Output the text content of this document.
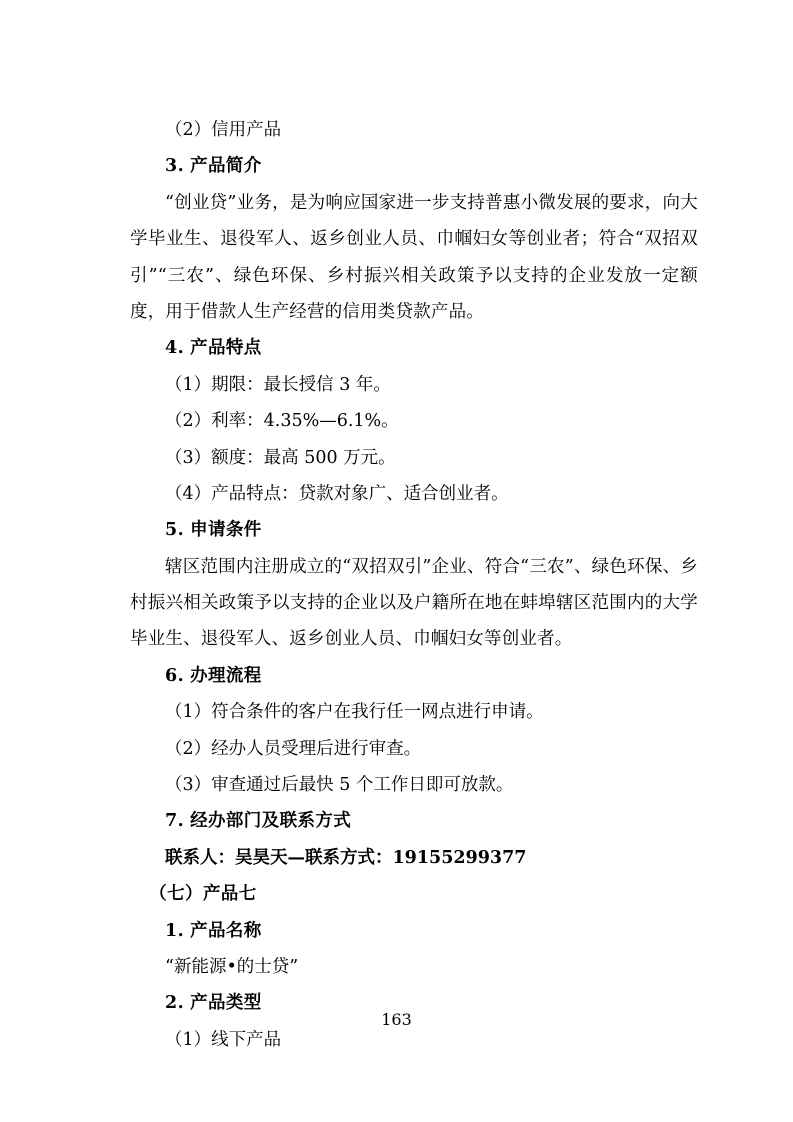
（2）信用产品

3. 产品简介

“创业贷”业务，是为响应国家进一步支持普惠小微发展的要求，向大学毕业生、退役军人、返乡创业人员、巾帼妇女等创业者；符合“双招双引”“三农”、绿色环保、乡村振兴相关政策予以支持的企业发放一定额度，用于借款人生产经营的信用类贷款产品。

4. 产品特点

（1）期限：最长授信 3 年。

（2）利率：4.35%—6.1%。

（3）额度：最高 500 万元。

（4）产品特点：贷款对象广、适合创业者。

5. 申请条件

辖区范围内注册成立的“双招双引”企业、符合“三农”、绿色环保、乡村振兴相关政策予以支持的企业以及户籍所在地在蚌埠辖区范围内的大学毕业生、退役军人、返乡创业人员、巾帼妇女等创业者。

6. 办理流程

（1）符合条件的客户在我行任一网点进行申请。

（2）经办人员受理后进行审查。

（3）审查通过后最快 5 个工作日即可放款。

7. 经办部门及联系方式

联系人：吴昊天—联系方式：19155299377

（七）产品七

1. 产品名称

“新能源•的士贷”

2. 产品类型

（1）线下产品

163
